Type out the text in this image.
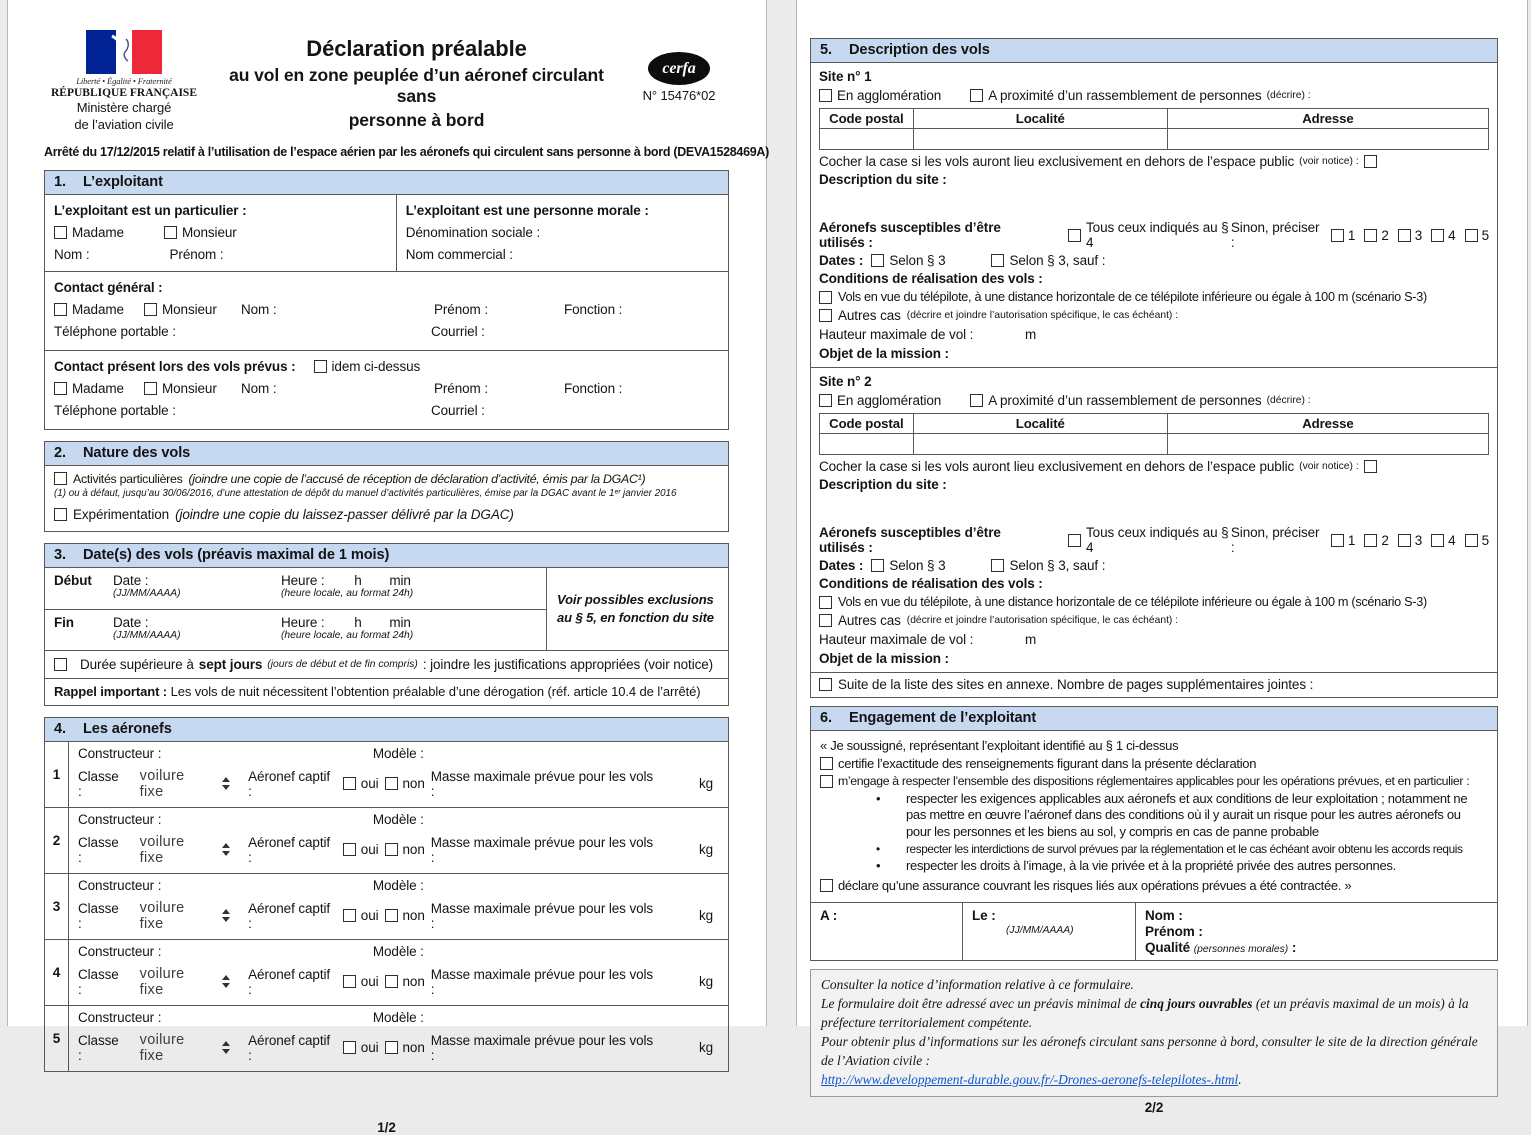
Liberté • Égalité • Fraternité
RÉPUBLIQUE FRANÇAISE
Ministère chargé
de l’aviation civile
Déclaration préalable
au vol en zone peuplée d’un aéronef circulant sans
personne à bord
cerfa
N° 15476*02
Arrêté du 17/12/2015 relatif à l’utilisation de l’espace aérien par les aéronefs qui circulent sans personne à bord (DEVA1528469A)
1. L’exploitant
L’exploitant est un particulier :
Madame	Monsieur
Nom :	Prénom :
L’exploitant est une personne morale :
Dénomination sociale :
Nom commercial :
Contact général :
Madame	Monsieur Nom :	Prénom :	Fonction :
Téléphone portable :	Courriel :
Contact présent lors des vols prévus :	idem ci-dessus
Madame	Monsieur Nom :	Prénom :	Fonction :
Téléphone portable :	Courriel :
2. Nature des vols
Activités particulières (joindre une copie de l’accusé de réception de déclaration d’activité, émis par la DGAC¹)
(1) ou à défaut, jusqu’au 30/06/2016, d’une attestation de dépôt du manuel d’activités particulières, émise par la DGAC avant le 1ᵉʳ janvier 2016
Expérimentation (joindre une copie du laissez-passer délivré par la DGAC)
3. Date(s) des vols (préavis maximal de 1 mois)
Début	Date :
(JJ/MM/AAAA)
Heure : h min
(heure locale, au format 24h)
Fin	Date :
(JJ/MM/AAAA)
Heure : h min
(heure locale, au format 24h)
Voir possibles exclusions au § 5, en fonction du site
Durée supérieure à sept jours (jours de début et de fin compris) : joindre les justifications appropriées (voir notice)
Rappel important : Les vols de nuit nécessitent l’obtention préalable d’une dérogation (réf. article 10.4 de l’arrêté)
4. Les aéronefs
1
Constructeur :	Modèle :
Classe :
voilure fixe
Aéronef captif :	oui non Masse maximale prévue pour les vols :	kg
2
Constructeur :	Modèle :
Classe :
voilure fixe
Aéronef captif :	oui non Masse maximale prévue pour les vols :	kg
3
Constructeur :	Modèle :
Classe :
voilure fixe
Aéronef captif :	oui non Masse maximale prévue pour les vols :	kg
4
Constructeur :	Modèle :
Classe :
voilure fixe
Aéronef captif :	oui non Masse maximale prévue pour les vols :	kg
5
Constructeur :	Modèle :
Classe :
voilure fixe
Aéronef captif :	oui non Masse maximale prévue pour les vols :	kg
1/2
5. Description des vols
Site n° 1
En agglomération	A proximité d’un rassemblement de personnes (décrire) :
Code postal	Localité	Adresse

Cocher la case si les vols auront lieu exclusivement en dehors de l’espace public (voir notice) :
Description du site :
Aéronefs susceptibles d’être utilisés :
Tous ceux indiqués au § 4
Sinon, préciser :	1 2 3 4 5
Dates : Selon § 3	Selon § 3, sauf :
Conditions de réalisation des vols :
Vols en vue du télépilote, à une distance horizontale de ce télépilote inférieure ou égale à 100 m (scénario S-3)
Autres cas (décrire et joindre l’autorisation spécifique, le cas échéant) :
Hauteur maximale de vol :	m
Objet de la mission :
Site n° 2
En agglomération	A proximité d’un rassemblement de personnes (décrire) :
Code postal	Localité	Adresse

Cocher la case si les vols auront lieu exclusivement en dehors de l’espace public (voir notice) :
Description du site :
Aéronefs susceptibles d’être utilisés :
Tous ceux indiqués au § 4
Sinon, préciser :	1 2 3 4 5
Dates : Selon § 3	Selon § 3, sauf :
Conditions de réalisation des vols :
Vols en vue du télépilote, à une distance horizontale de ce télépilote inférieure ou égale à 100 m (scénario S-3)
Autres cas (décrire et joindre l’autorisation spécifique, le cas échéant) :
Hauteur maximale de vol :	m
Objet de la mission :
Suite de la liste des sites en annexe. Nombre de pages supplémentaires jointes :
6. Engagement de l’exploitant
« Je soussigné, représentant l’exploitant identifié au § 1 ci-dessus
certifie l’exactitude des renseignements figurant dans la présente déclaration
m’engage à respecter l’ensemble des dispositions réglementaires applicables pour les opérations prévues, et en particulier :
• respecter les exigences applicables aux aéronefs et aux conditions de leur exploitation ; notamment ne pas mettre en œuvre l’aéronef dans des conditions où il y aurait un risque pour les autres aéronefs ou pour les personnes et les biens au sol, y compris en cas de panne probable
• respecter les interdictions de survol prévues par la réglementation et le cas échéant avoir obtenu les accords requis
• respecter les droits à l’image, à la vie privée et à la propriété privée des autres personnes.
déclare qu’une assurance couvrant les risques liés aux opérations prévues a été contractée. »
A :	Le :
(JJ/MM/AAAA)
Nom :
Prénom :
Qualité (personnes morales) :
Consulter la notice d’information relative à ce formulaire.
Le formulaire doit être adressé avec un préavis minimal de cinq jours ouvrables (et un préavis maximal de un mois) à la préfecture territorialement compétente.
Pour obtenir plus d’informations sur les aéronefs circulant sans personne à bord, consulter le site de la direction générale de l’Aviation civile :
http://www.developpement-durable.gouv.fr/-Drones-aeronefs-telepilotes-.html.
2/2
